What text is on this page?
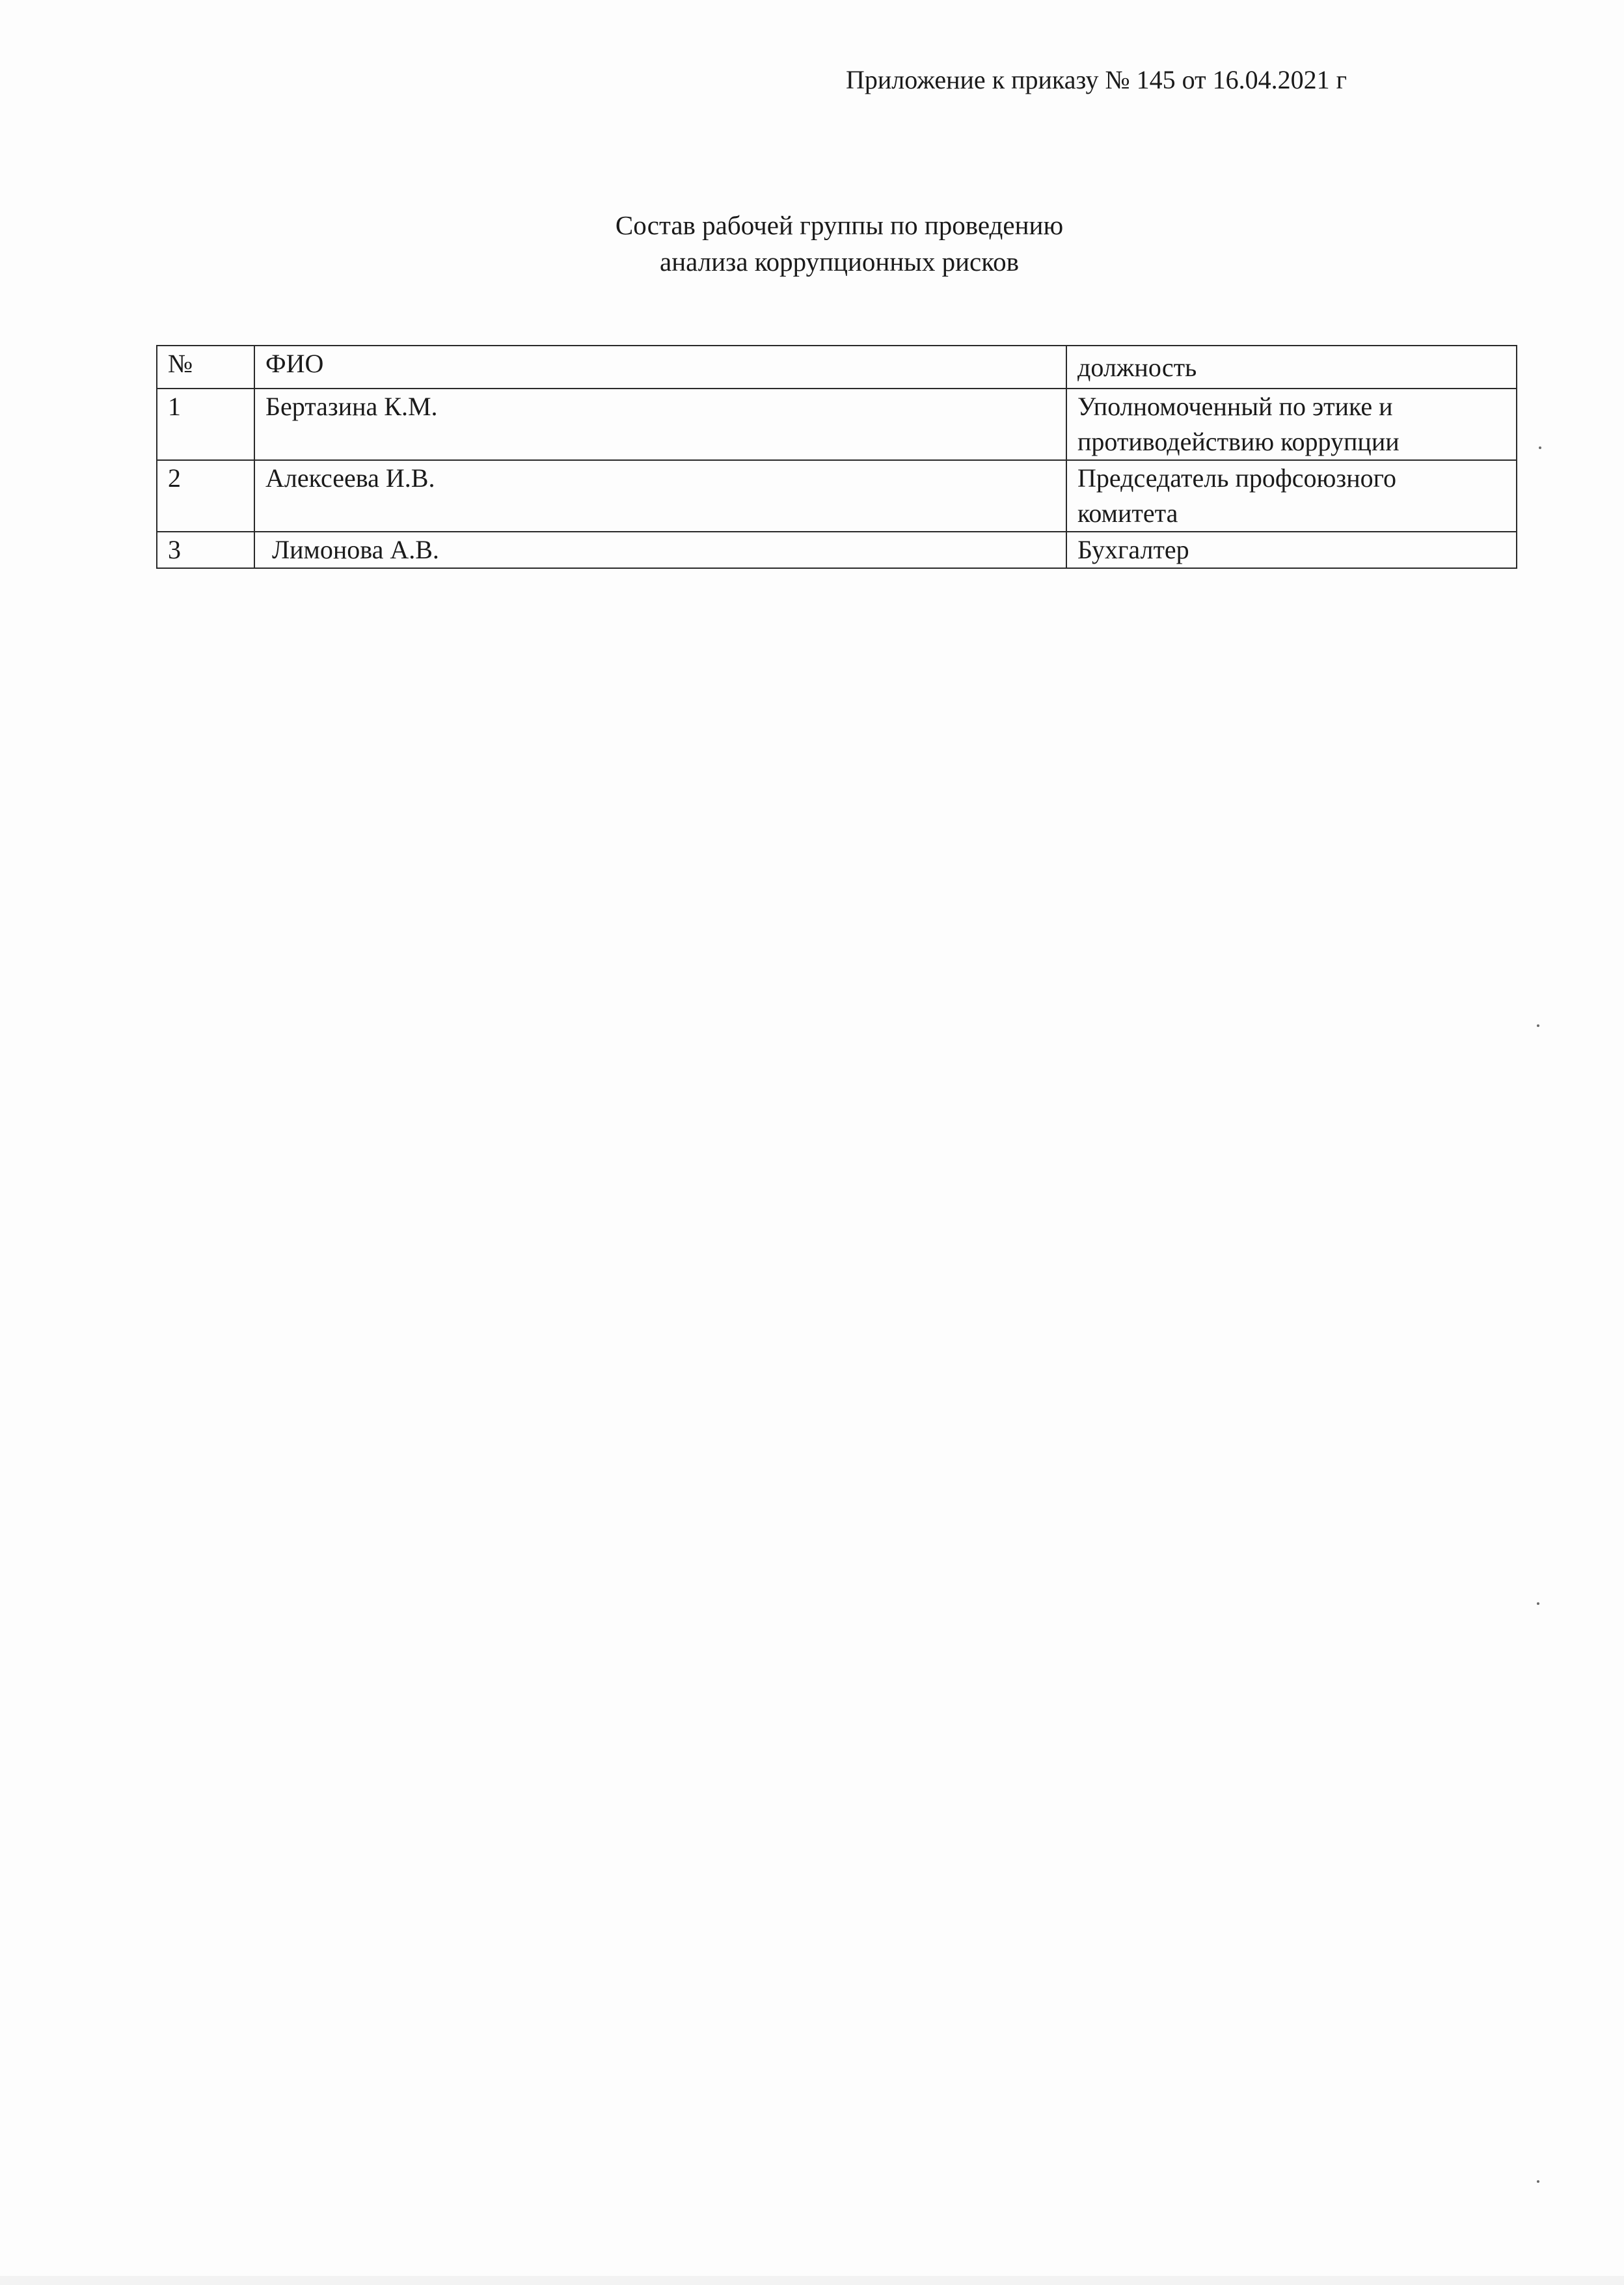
Приложение к приказу № 145 от 16.04.2021 г
Состав рабочей группы по проведению
анализа коррупционных рисков
№	ФИО	должность
1	Бертазина К.М.	Уполномоченный по этике и
противодействию коррупции

2	Алексеева И.В.	Председатель профсоюзного
комитета

3	Лимонова А.В.	Бухгалтер
